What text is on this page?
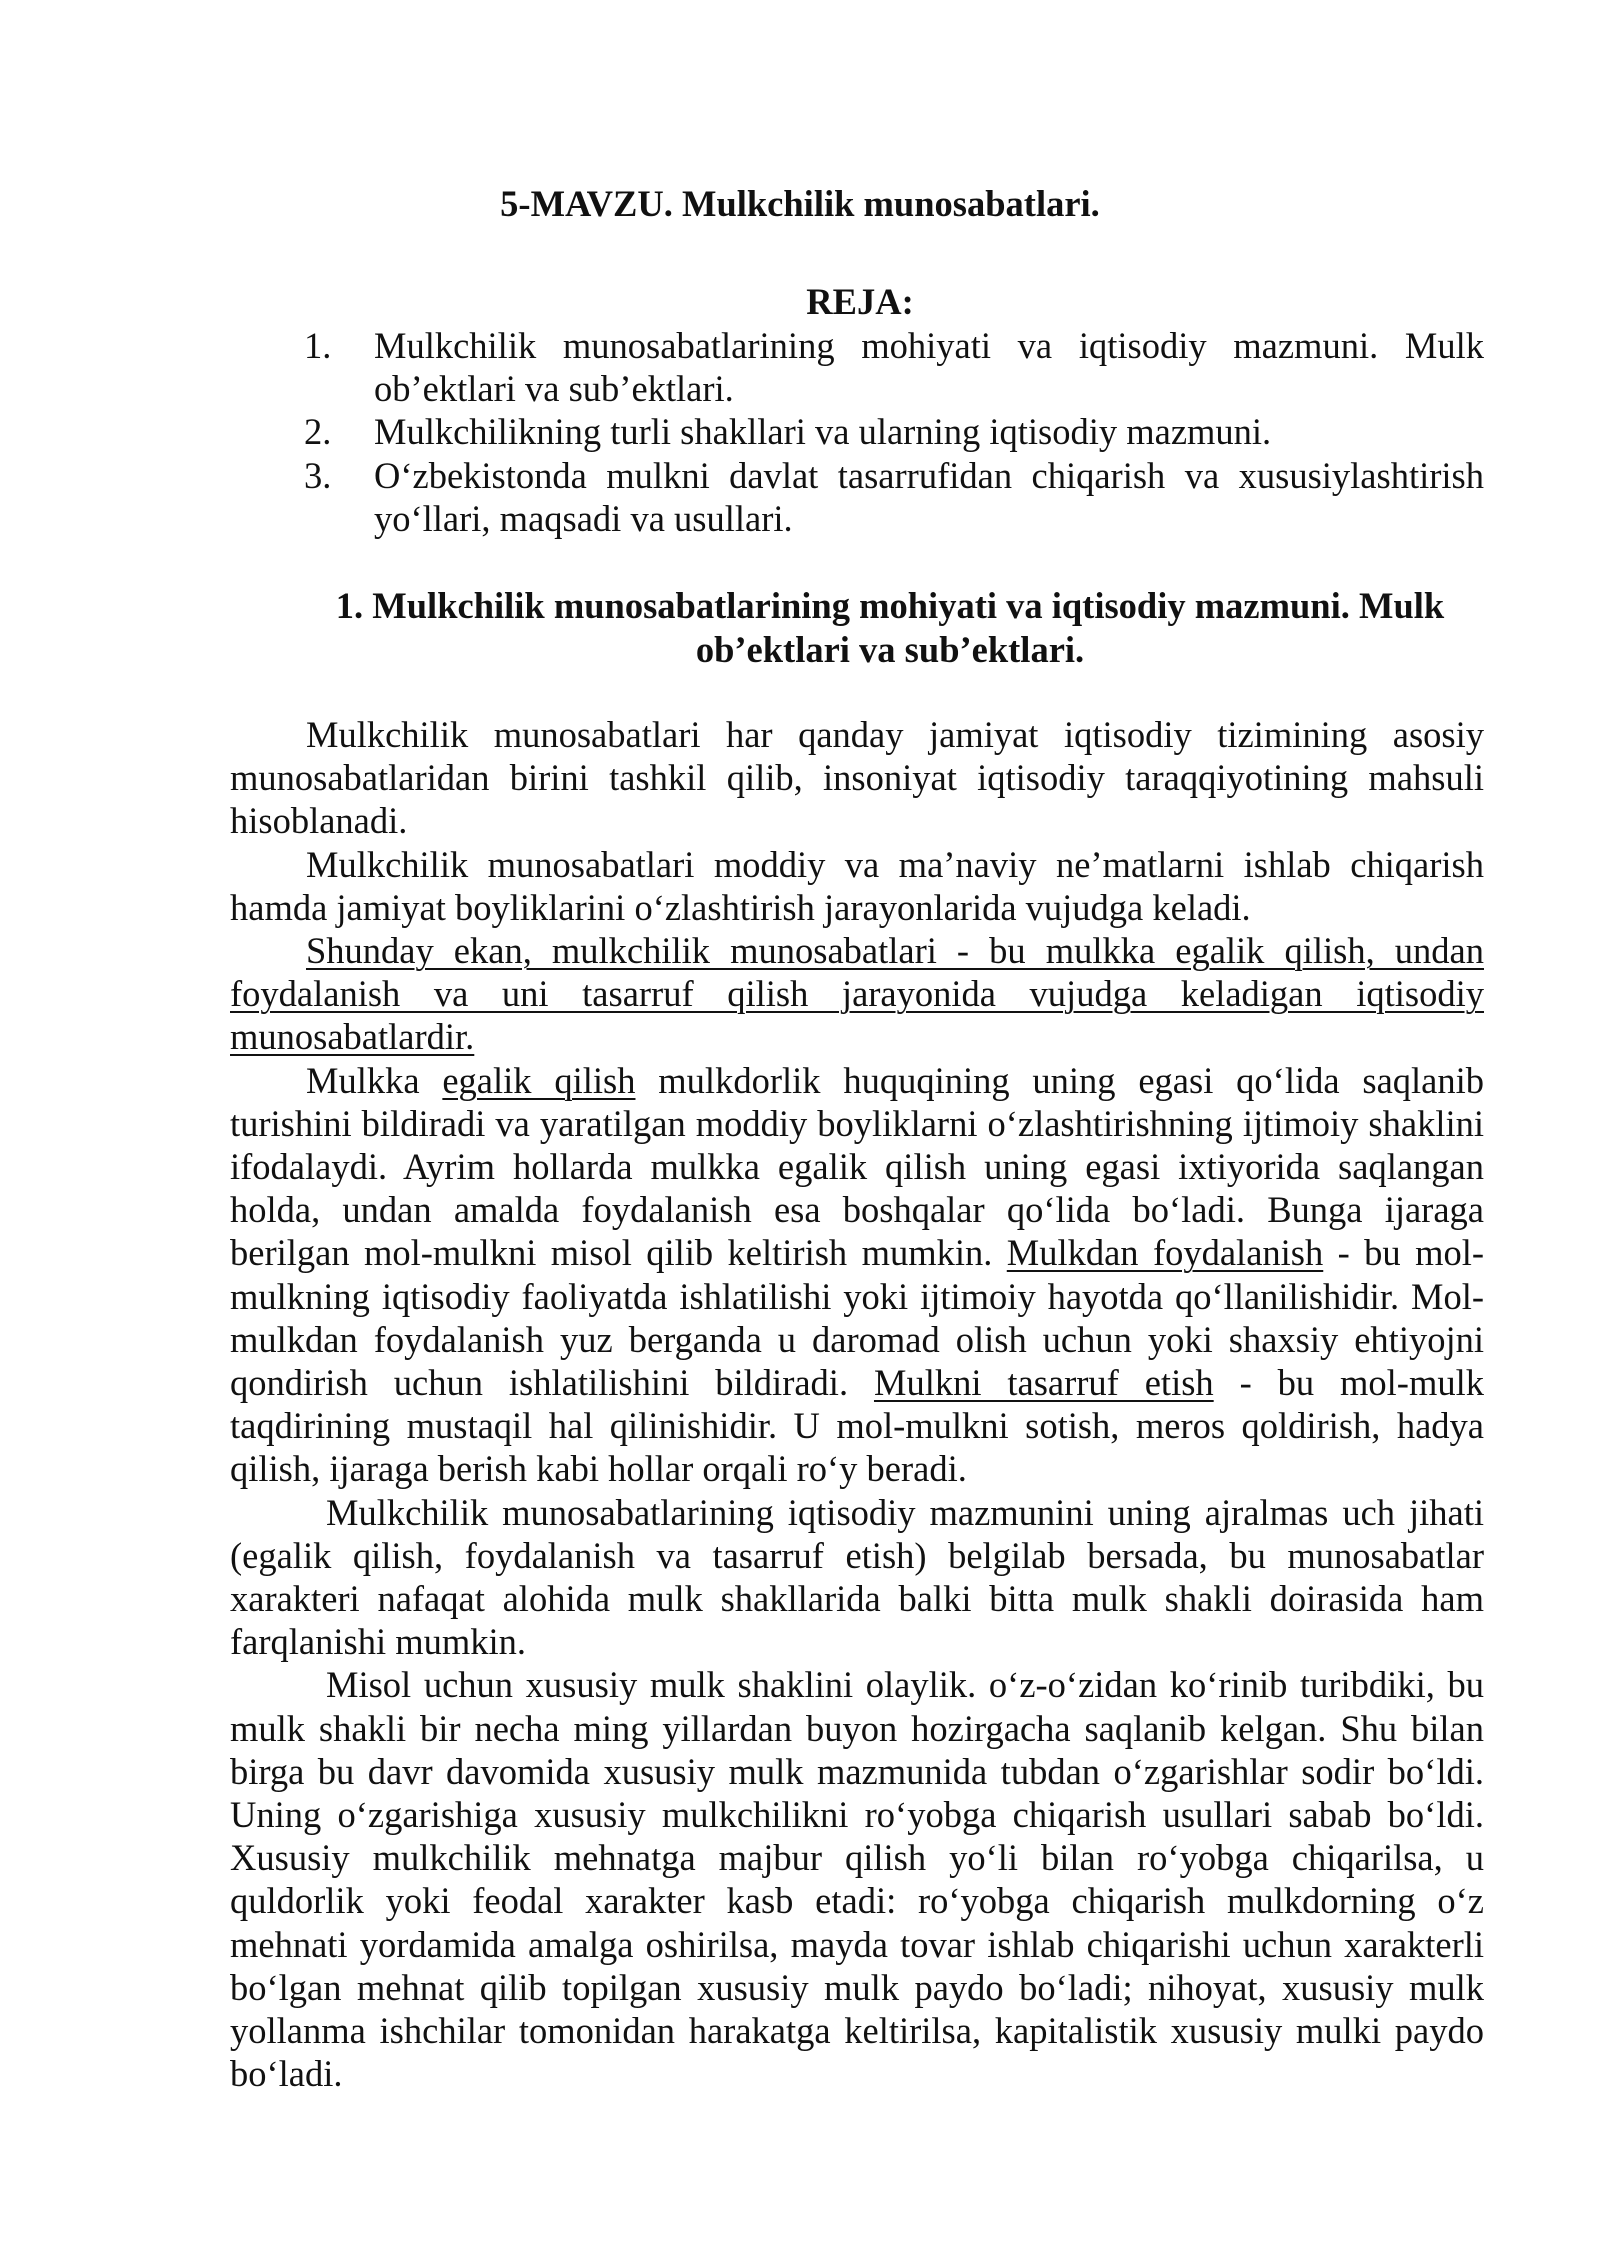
5-MAVZU. Mulkchilik munosabatlari.
REJA:
1. Mulkchilik munosabatlarining mohiyati va iqtisodiy mazmuni. Mulk ob’ektlari va sub’ektlari.
2. Mulkchilikning turli shakllari va ularning iqtisodiy mazmuni.
3. O‘zbekistonda mulkni davlat tasarrufidan chiqarish va xususiylashtirish yo‘llari, maqsadi va usullari.
1. Mulkchilik munosabatlarining mohiyati va iqtisodiy mazmuni. Mulk ob’ektlari va sub’ektlari.

Mulkchilik munosabatlari har qanday jamiyat iqtisodiy tizimining asosiy munosabatlaridan birini tashkil qilib, insoniyat iqtisodiy taraqqiyotining mahsuli hisoblanadi.

Mulkchilik munosabatlari moddiy va ma’naviy ne’matlarni ishlab chiqarish hamda jamiyat boyliklarini o‘zlashtirish jarayonlarida vujudga keladi.

Shunday ekan, mulkchilik munosabatlari - bu mulkka egalik qilish, undan foydalanish va uni tasarruf qilish jarayonida vujudga keladigan iqtisodiy munosabatlardir.

Mulkka egalik qilish mulkdorlik huquqining uning egasi qo‘lida saqlanib turishini bildiradi va yaratilgan moddiy boyliklarni o‘zlashtirishning ijtimoiy shaklini ifodalaydi. Ayrim hollarda mulkka egalik qilish uning egasi ixtiyorida saqlangan holda, undan amalda foydalanish esa boshqalar qo‘lida bo‘ladi. Bunga ijaraga berilgan mol-mulkni misol qilib keltirish mumkin. Mulkdan foydalanish - bu mol-mulkning iqtisodiy faoliyatda ishlatilishi yoki ijtimoiy hayotda qo‘llanilishidir. Mol-mulkdan foydalanish yuz berganda u daromad olish uchun yoki shaxsiy ehtiyojni qondirish uchun ishlatilishini bildiradi. Mulkni tasarruf etish - bu mol-mulk taqdirining mustaqil hal qilinishidir. U mol-mulkni sotish, meros qoldirish, hadya qilish, ijaraga berish kabi hollar orqali ro‘y beradi.

Mulkchilik munosabatlarining iqtisodiy mazmunini uning ajralmas uch jihati (egalik qilish, foydalanish va tasarruf etish) belgilab bersada, bu munosabatlar xarakteri nafaqat alohida mulk shakllarida balki bitta mulk shakli doirasida ham farqlanishi mumkin.

Misol uchun xususiy mulk shaklini olaylik. o‘z-o‘zidan ko‘rinib turibdiki, bu mulk shakli bir necha ming yillardan buyon hozirgacha saqlanib kelgan. Shu bilan birga bu davr davomida xususiy mulk mazmunida tubdan o‘zgarishlar sodir bo‘ldi. Uning o‘zgarishiga xususiy mulkchilikni ro‘yobga chiqarish usullari sabab bo‘ldi. Xususiy mulkchilik mehnatga majbur qilish yo‘li bilan ro‘yobga chiqarilsa, u quldorlik yoki feodal xarakter kasb etadi: ro‘yobga chiqarish mulkdorning o‘z mehnati yordamida amalga oshirilsa, mayda tovar ishlab chiqarishi uchun xarakterli bo‘lgan mehnat qilib topilgan xususiy mulk paydo bo‘ladi; nihoyat, xususiy mulk yollanma ishchilar tomonidan harakatga keltirilsa, kapitalistik xususiy mulki paydo bo‘ladi.
